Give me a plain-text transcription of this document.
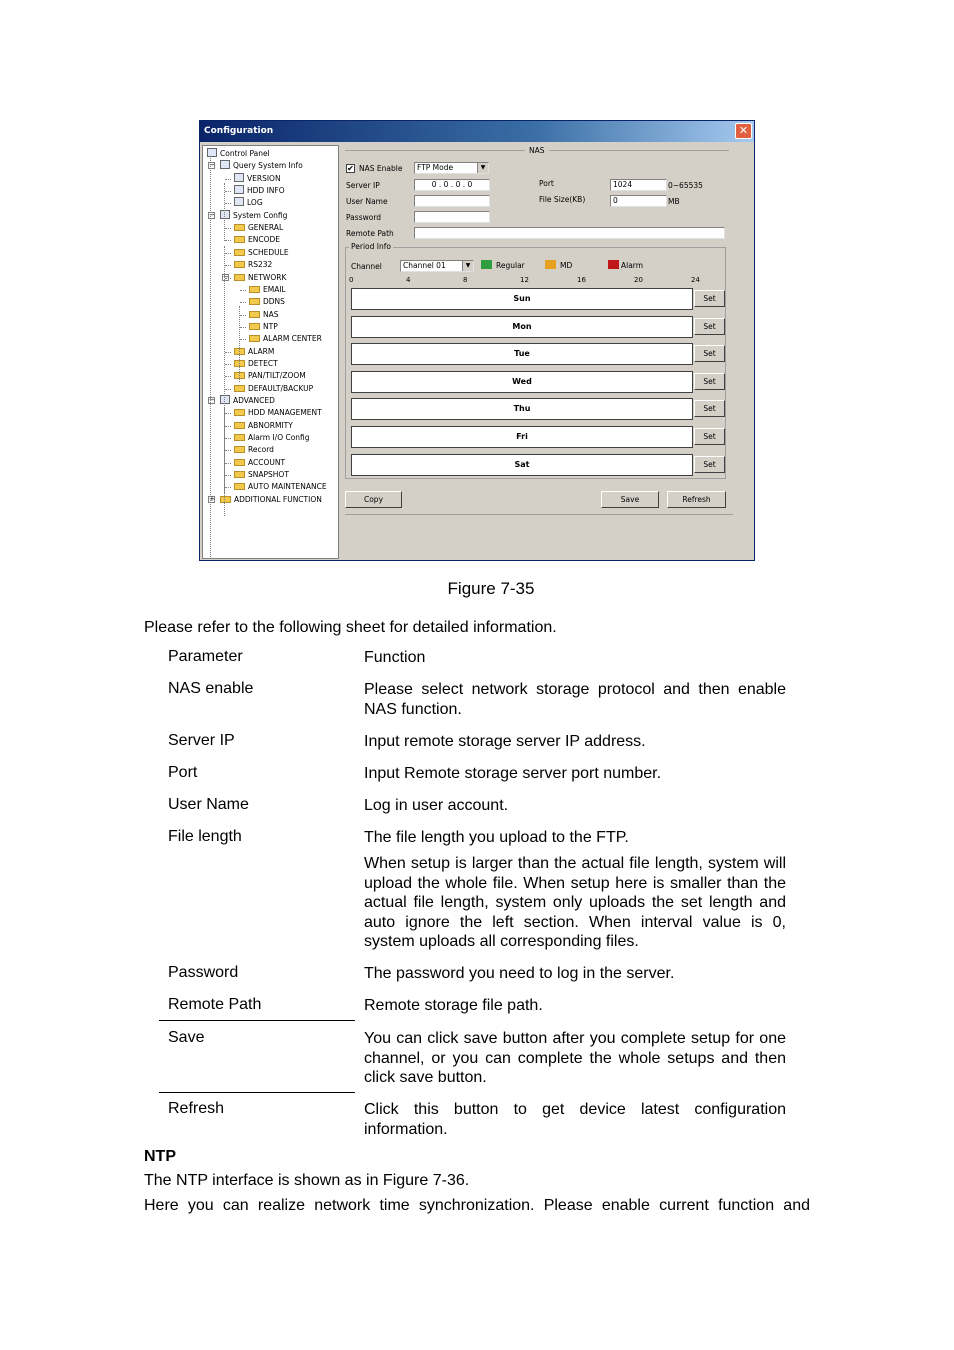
Configuration	✕
Control Panel
−	Query System Info
VERSION
HDD INFO
LOG
−	System Config
GENERAL
ENCODE
SCHEDULE
RS232
−	NETWORK
EMAIL
DDNS
NAS
NTP
ALARM CENTER
ALARM
DETECT
PAN/TILT/ZOOM
DEFAULT/BACKUP
−	ADVANCED
HDD MANAGEMENT
ABNORMITY
Alarm I/O Config
Record
ACCOUNT
SNAPSHOT
AUTO MAINTENANCE
+	ADDITIONAL FUNCTION
NAS
✔ NAS Enable	FTP Mode	▼
Server IP	0 . 0 . 0 . 0	Port	1024	0~65535
User Name	File Size(KB)	0	MB
Password
Remote Path
Period Info
Channel	Channel 01	▼	Regular	MD	Alarm
0	4	8	12	16	20	24
Sun	Set
Mon	Set
Tue	Set
Wed	Set
Thu	Set
Fri	Set
Sat	Set
Copy	Save	Refresh
Figure 7-35
Please refer to the following sheet for detailed information.
Parameter	Function
NAS enable	Please select network storage protocol and then enable NAS function.
Server IP	Input remote storage server IP address.
Port	Input Remote storage server port number.
User Name	Log in user account.
File length	The file length you upload to the FTP.
When setup is larger than the actual file length, system will upload the whole file. When setup here is smaller than the actual file length, system only uploads the set length and auto ignore the left section. When interval value is 0, system uploads all corresponding files.
Password	The password you need to log in the server.
Remote Path	Remote storage file path.
Save	You can click save button after you complete setup for one channel, or you can complete the whole setups and then click save button.
Refresh	Click this button to get device latest configuration information.
NTP
The NTP interface is shown as in Figure 7-36.
Here you can realize network time synchronization. Please enable current function and
